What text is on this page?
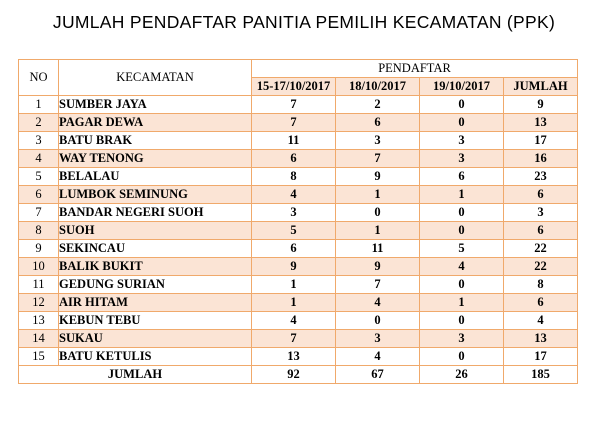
JUMLAH PENDAFTAR PANITIA PEMILIH KECAMATAN (PPK)
NO	KECAMATAN	PENDAFTAR			
		15-17/10/2017	18/10/2017	19/10/2017	JUMLAH
1	SUMBER JAYA	7	2	0	9
2	PAGAR DEWA	7	6	0	13
3	BATU BRAK	11	3	3	17
4	WAY TENONG	6	7	3	16
5	BELALAU	8	9	6	23
6	LUMBOK SEMINUNG	4	1	1	6
7	BANDAR NEGERI SUOH	3	0	0	3
8	SUOH	5	1	0	6
9	SEKINCAU	6	11	5	22
10	BALIK BUKIT	9	9	4	22
11	GEDUNG SURIAN	1	7	0	8
12	AIR HITAM	1	4	1	6
13	KEBUN TEBU	4	0	0	4
14	SUKAU	7	3	3	13
15	BATU KETULIS	13	4	0	17
JUMLAH		92	67	26	185
